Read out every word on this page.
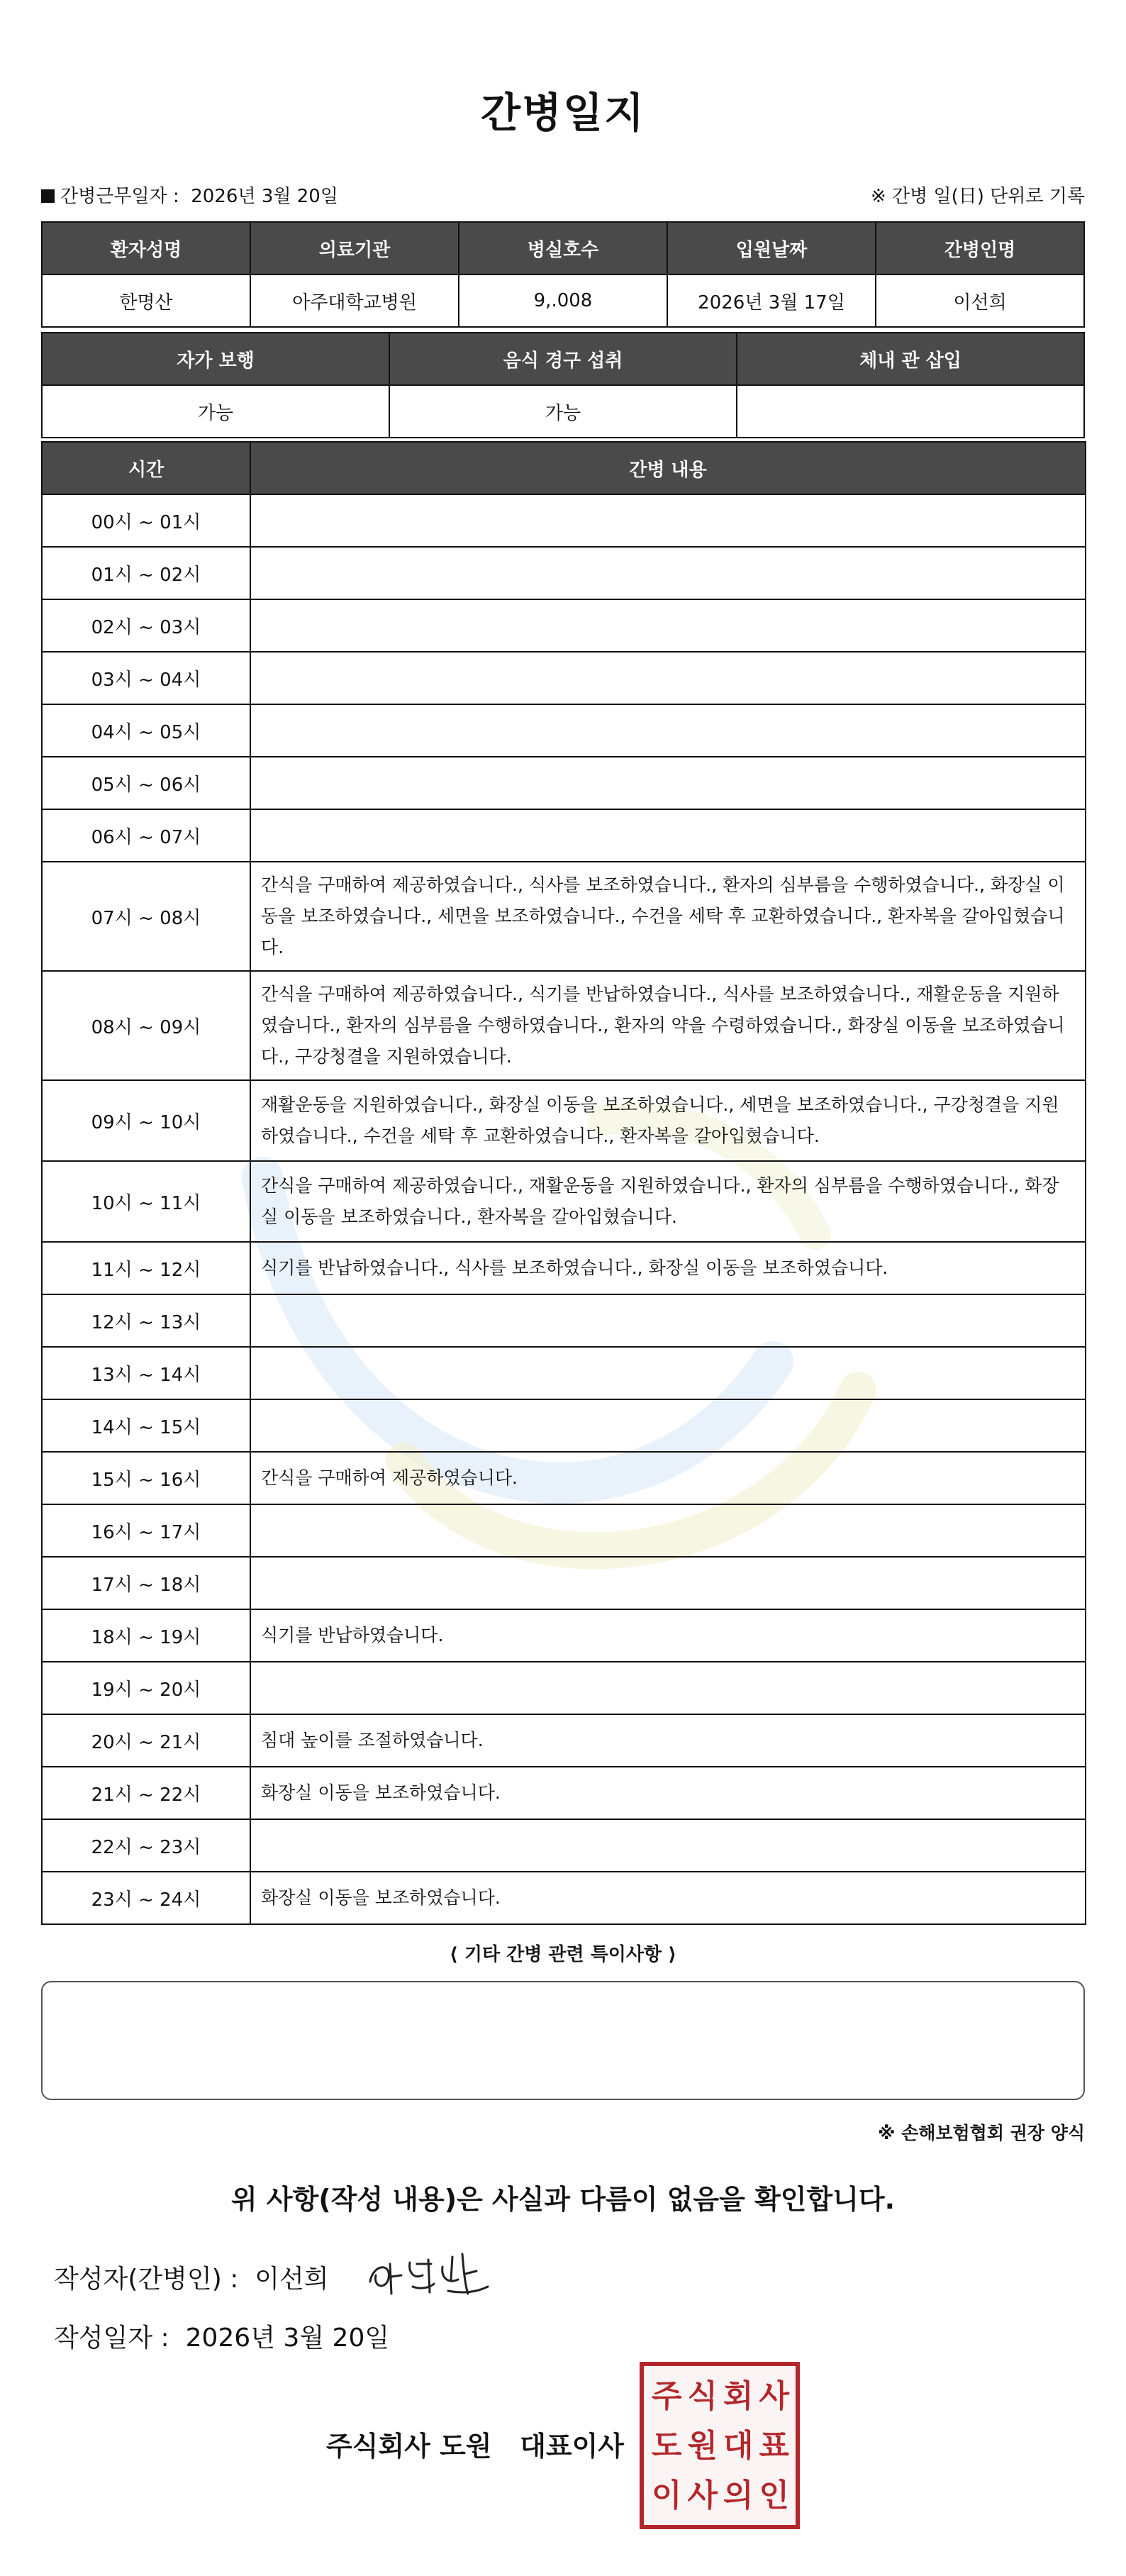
간병일지
간병근무일자 : 2026년 3월 20일	※ 간병 일(日) 단위로 기록
환자성명	의료기관	병실호수	입원날짜	간병인명
한명산	아주대학교병원	9,.008	2026년 3월 17일	이선희
자가 보행	음식 경구 섭취	체내 관 삽입
가능	가능	
시간	간병 내용
00시 ~ 01시	
01시 ~ 02시	
02시 ~ 03시	
03시 ~ 04시	
04시 ~ 05시	
05시 ~ 06시	
06시 ~ 07시	
07시 ~ 08시	간식을 구매하여 제공하였습니다., 식사를 보조하였습니다., 환자의 심부름을 수행하였습니다., 화장실 이동을 보조하였습니다., 세면을 보조하였습니다., 수건을 세탁 후 교환하였습니다., 환자복을 갈아입혔습니다.
08시 ~ 09시	간식을 구매하여 제공하였습니다., 식기를 반납하였습니다., 식사를 보조하였습니다., 재활운동을 지원하였습니다., 환자의 심부름을 수행하였습니다., 환자의 약을 수령하였습니다., 화장실 이동을 보조하였습니다., 구강청결을 지원하였습니다.
09시 ~ 10시	재활운동을 지원하였습니다., 화장실 이동을 보조하였습니다., 세면을 보조하였습니다., 구강청결을 지원하였습니다., 수건을 세탁 후 교환하였습니다., 환자복을 갈아입혔습니다.
10시 ~ 11시	간식을 구매하여 제공하였습니다., 재활운동을 지원하였습니다., 환자의 심부름을 수행하였습니다., 화장실 이동을 보조하였습니다., 환자복을 갈아입혔습니다.
11시 ~ 12시	식기를 반납하였습니다., 식사를 보조하였습니다., 화장실 이동을 보조하였습니다.
12시 ~ 13시	
13시 ~ 14시	
14시 ~ 15시	
15시 ~ 16시	간식을 구매하여 제공하였습니다.
16시 ~ 17시	
17시 ~ 18시	
18시 ~ 19시	식기를 반납하였습니다.
19시 ~ 20시	
20시 ~ 21시	침대 높이를 조절하였습니다.
21시 ~ 22시	화장실 이동을 보조하였습니다.
22시 ~ 23시	
23시 ~ 24시	화장실 이동을 보조하였습니다.
⟨ 기타 간병 관련 특이사항 ⟩
※ 손해보험협회 권장 양식
위 사항(작성 내용)은 사실과 다름이 없음을 확인합니다.
작성자(간병인) : 이선희
작성일자 : 2026년 3월 20일
주식회사 도원 대표이사
주 식 회 사
도 원 대 표
이 사 의 인
